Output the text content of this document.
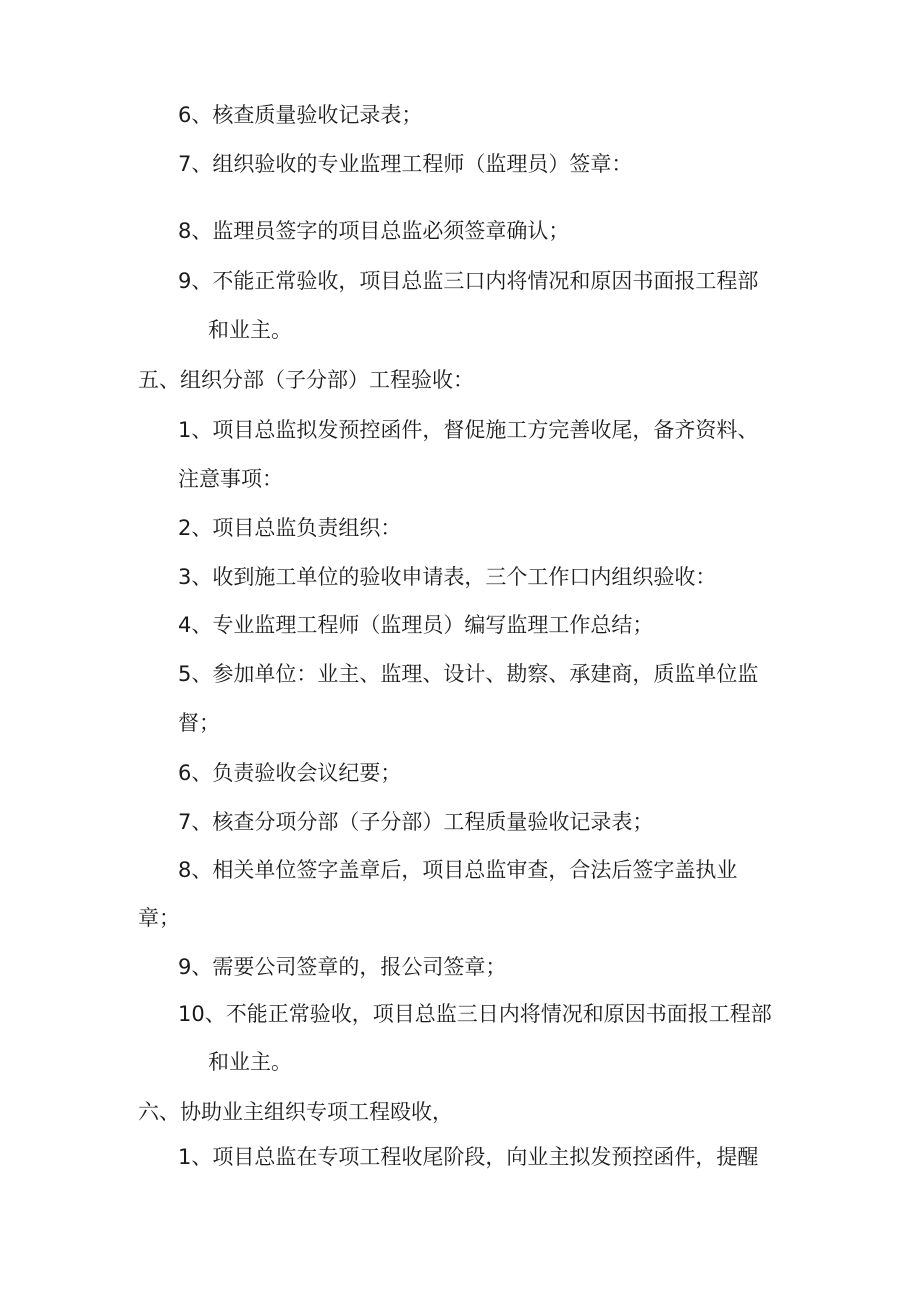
6、核查质量验收记录表；
7、组织验收的专业监理工程师（监理员）签章：
8、监理员签字的项目总监必须签章确认；
9、不能正常验收，项目总监三口内将情况和原因书面报工程部
和业主。
五、组织分部（子分部）工程验收：
1、项目总监拟发预控函件，督促施工方完善收尾，备齐资料、
注意事项：
2、项目总监负责组织：
3、收到施工单位的验收申请表，三个工作口内组织验收：
4、专业监理工程师（监理员）编写监理工作总结；
5、参加单位：业主、监理、设计、勘察、承建商，质监单位监
督；
6、负责验收会议纪要；
7、核查分项分部（子分部）工程质量验收记录表；
8、相关单位签字盖章后，项目总监审查，合法后签字盖执业
章；
9、需要公司签章的，报公司签章；
10、不能正常验收，项目总监三日内将情况和原因书面报工程部
和业主。
六、协助业主组织专项工程殴收，
1、项目总监在专项工程收尾阶段，向业主拟发预控函件，提醒
